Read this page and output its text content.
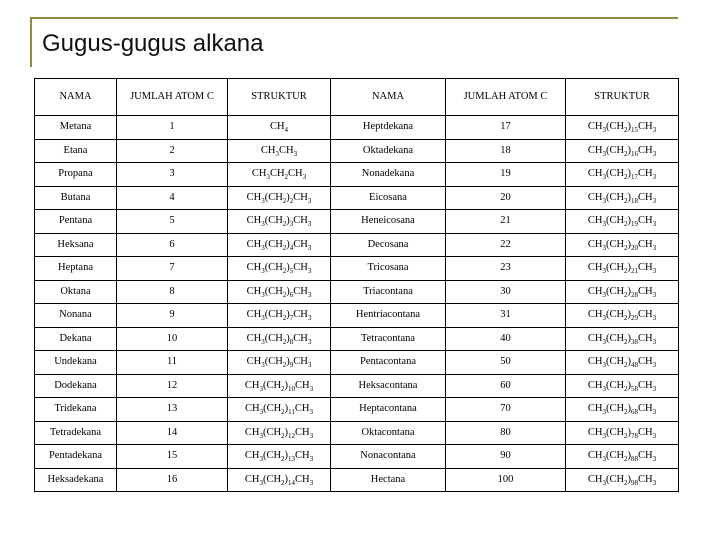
Gugus-gugus alkana
NAMA	JUMLAH ATOM C	STRUKTUR	NAMA	JUMLAH ATOM C	STRUKTUR
Metana	1	$CH_4$	Heptdekana	17	$CH_3(CH_2)_{15}CH_3$
Etana	2	$CH_3CH_3$	Oktadekana	18	$CH_3(CH_2)_{16}CH_3$
Propana	3	$CH_3CH_2CH_3$	Nonadekana	19	$CH_3(CH_2)_{17}CH_3$
Butana	4	$CH_3(CH_2)_2CH_3$	Eicosana	20	$CH_3(CH_2)_{18}CH_3$
Pentana	5	$CH_3(CH_2)_3CH_3$	Heneicosana	21	$CH_3(CH_2)_{19}CH_3$
Heksana	6	$CH_3(CH_2)_4CH_3$	Decosana	22	$CH_3(CH_2)_{20}CH_3$
Heptana	7	$CH_3(CH_2)_5CH_3$	Tricosana	23	$CH_3(CH_2)_{21}CH_3$
Oktana	8	$CH_3(CH_2)_6CH_3$	Triacontana	30	$CH_3(CH_2)_{28}CH_3$
Nonana	9	$CH_3(CH_2)_7CH_3$	Hentriacontana	31	$CH_3(CH_2)_{29}CH_3$
Dekana	10	$CH_3(CH_2)_8CH_3$	Tetracontana	40	$CH_3(CH_2)_{38}CH_3$
Undekana	11	$CH_3(CH_2)_9CH_3$	Pentacontana	50	$CH_3(CH_2)_{48}CH_3$
Dodekana	12	$CH_3(CH_2)_{10}CH_3$	Heksacontana	60	$CH_3(CH_2)_{58}CH_3$
Tridekana	13	$CH_3(CH_2)_{11}CH_3$	Heptacontana	70	$CH_3(CH_2)_{68}CH_3$
Tetradekana	14	$CH_3(CH_2)_{12}CH_3$	Oktacontana	80	$CH_3(CH_2)_{78}CH_3$
Pentadekana	15	$CH_3(CH_2)_{13}CH_3$	Nonacontana	90	$CH_3(CH_2)_{88}CH_3$
Heksadekana	16	$CH_3(CH_2)_{14}CH_3$	Hectana	100	$CH_3(CH_2)_{98}CH_3$
